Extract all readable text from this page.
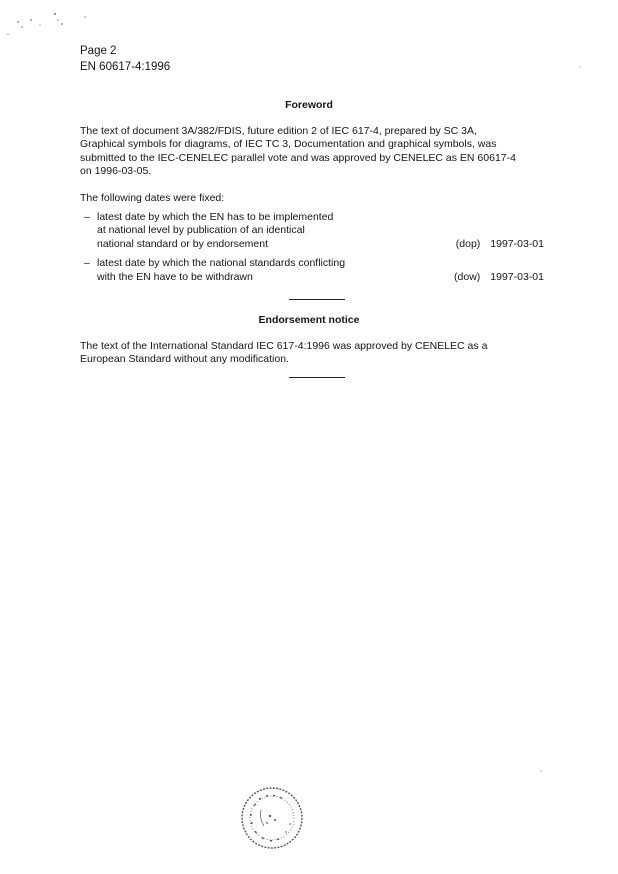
Page 2
EN 60617-4:1996
Foreword
The text of document 3A/382/FDIS, future edition 2 of IEC 617-4, prepared by SC 3A,
Graphical symbols for diagrams, of IEC TC 3, Documentation and graphical symbols, was
submitted to the IEC-CENELEC parallel vote and was approved by CENELEC as EN 60617-4
on 1996-03-05.
The following dates were fixed:
– latest date by which the EN has to be implemented
at national level by publication of an identical
national standard or by endorsement	(dop) 1997-03-01
– latest date by which the national standards conflicting
with the EN have to be withdrawn	(dow) 1997-03-01
Endorsement notice
The text of the International Standard IEC 617-4:1996 was approved by CENELEC as a
European Standard without any modification.
